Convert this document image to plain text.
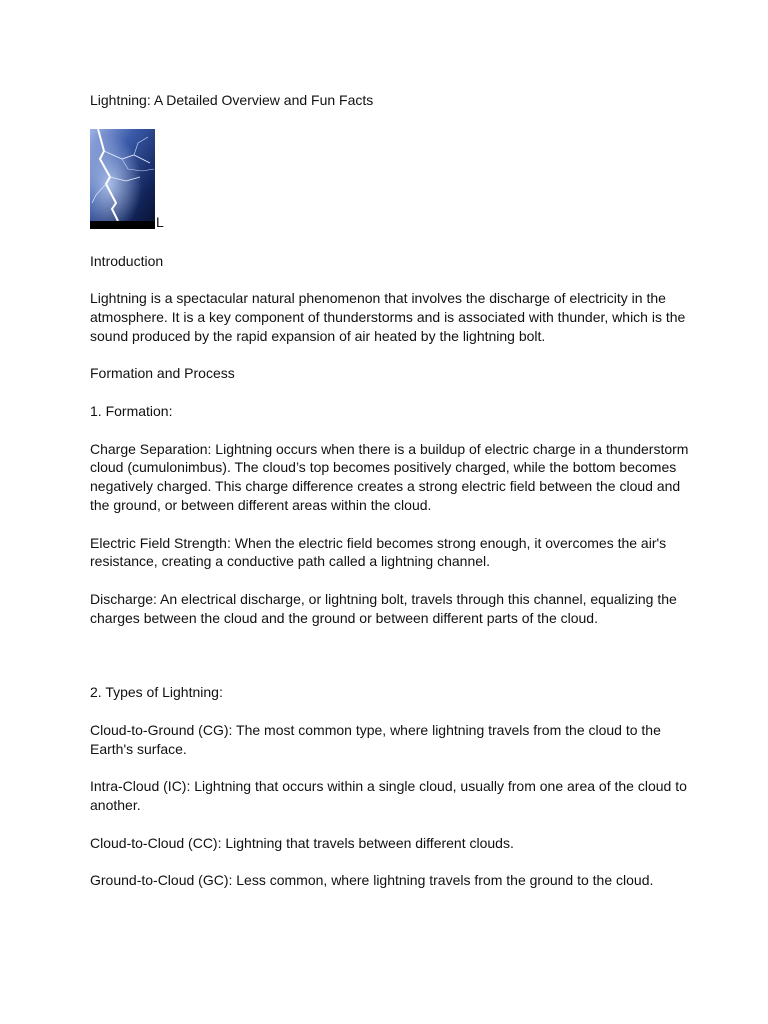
Lightning: A Detailed Overview and Fun Facts

L

Introduction

Lightning is a spectacular natural phenomenon that involves the discharge of electricity in the atmosphere. It is a key component of thunderstorms and is associated with thunder, which is the sound produced by the rapid expansion of air heated by the lightning bolt.

Formation and Process

1. Formation:

Charge Separation: Lightning occurs when there is a buildup of electric charge in a thunderstorm cloud (cumulonimbus). The cloud’s top becomes positively charged, while the bottom becomes negatively charged. This charge difference creates a strong electric field between the cloud and the ground, or between different areas within the cloud.

Electric Field Strength: When the electric field becomes strong enough, it overcomes the air's resistance, creating a conductive path called a lightning channel.

Discharge: An electrical discharge, or lightning bolt, travels through this channel, equalizing the charges between the cloud and the ground or between different parts of the cloud.

2. Types of Lightning:

Cloud-to-Ground (CG): The most common type, where lightning travels from the cloud to the Earth's surface.

Intra-Cloud (IC): Lightning that occurs within a single cloud, usually from one area of the cloud to another.

Cloud-to-Cloud (CC): Lightning that travels between different clouds.

Ground-to-Cloud (GC): Less common, where lightning travels from the ground to the cloud.
